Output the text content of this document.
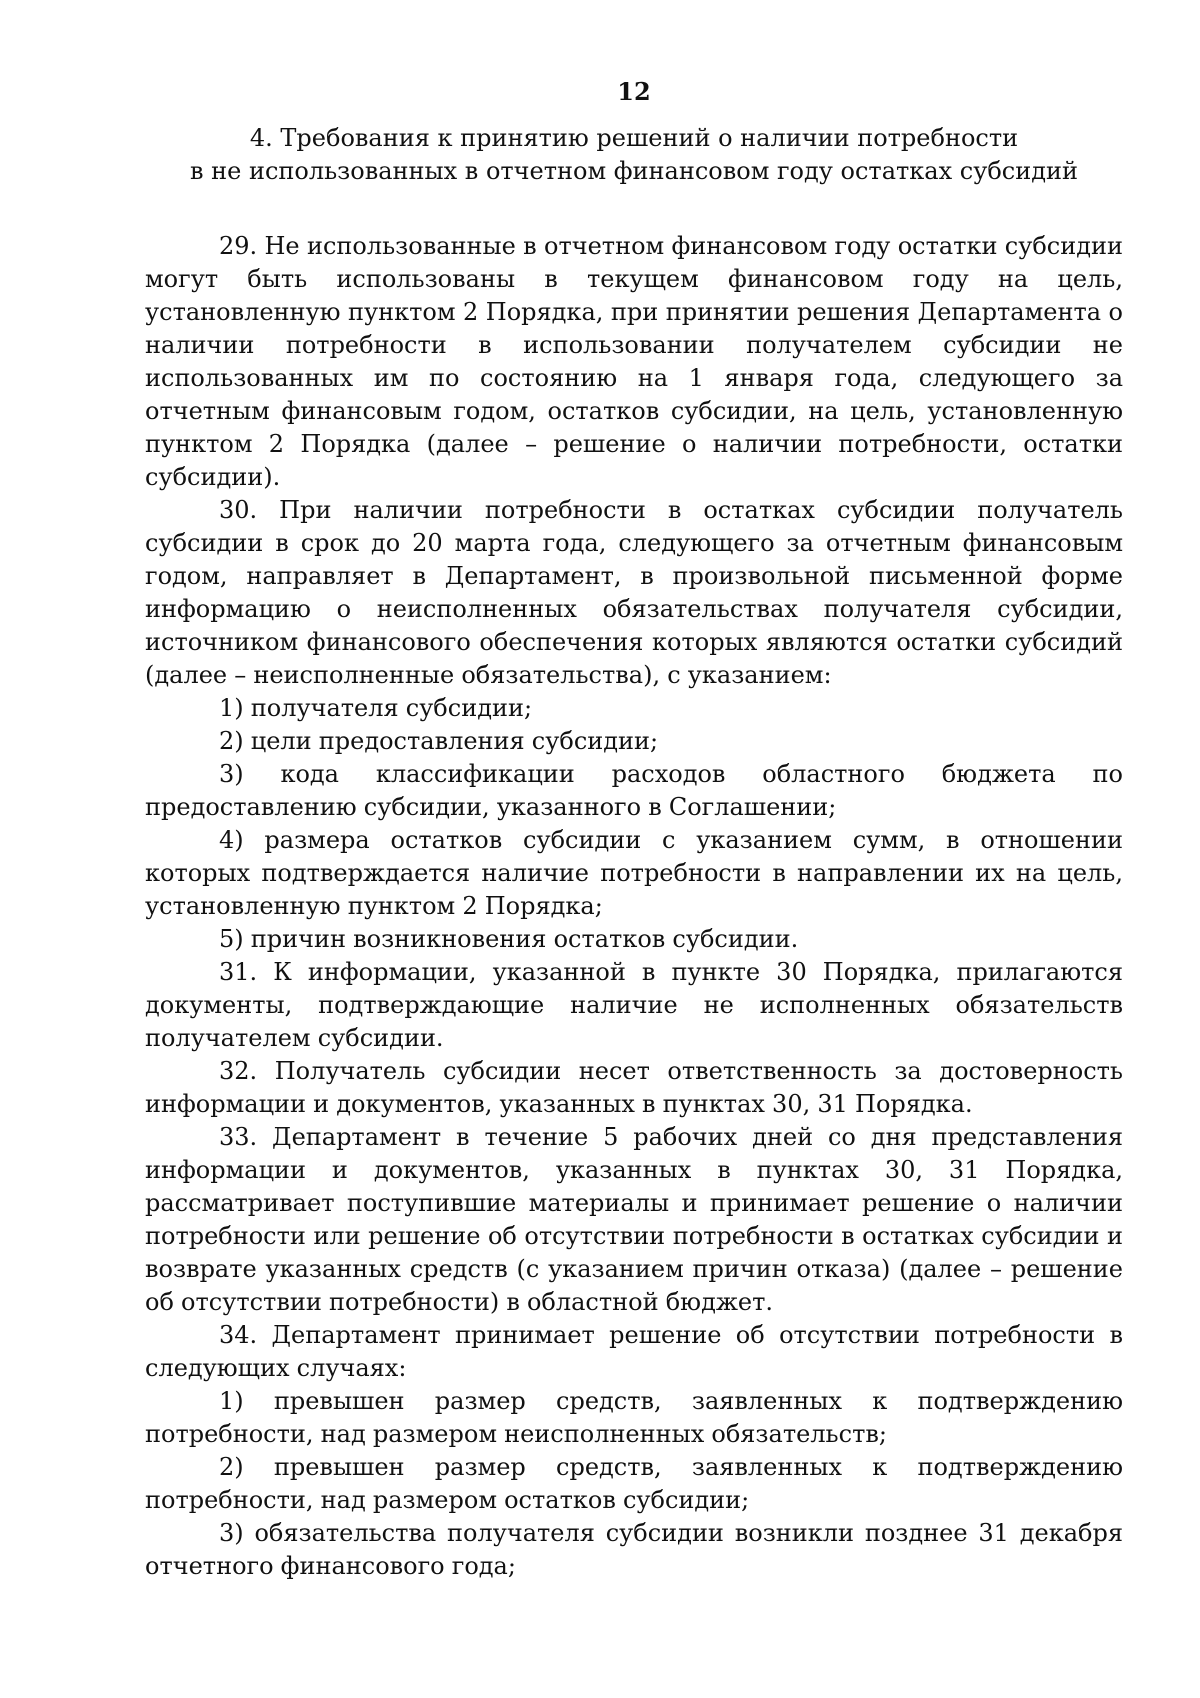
12
4. Требования к принятию решений о наличии потребности
в не использованных в отчетном финансовом году остатках субсидий

29. Не использованные в отчетном финансовом году остатки субсидии могут быть использованы в текущем финансовом году на цель, установленную пунктом 2 Порядка, при принятии решения Департамента о наличии потребности в использовании получателем субсидии не использованных им по состоянию на 1 января года, следующего за отчетным финансовым годом, остатков субсидии, на цель, установленную пунктом 2 Порядка (далее – решение о наличии потребности, остатки субсидии).

30. При наличии потребности в остатках субсидии получатель субсидии в срок до 20 марта года, следующего за отчетным финансовым годом, направляет в Департамент, в произвольной письменной форме информацию о неисполненных обязательствах получателя субсидии, источником финансового обеспечения которых являются остатки субсидий (далее – неисполненные обязательства), с указанием:

1) получателя субсидии;

2) цели предоставления субсидии;

3) кода классификации расходов областного бюджета по предоставлению субсидии, указанного в Соглашении;

4) размера остатков субсидии с указанием сумм, в отношении которых подтверждается наличие потребности в направлении их на цель, установленную пунктом 2 Порядка;

5) причин возникновения остатков субсидии.

31. К информации, указанной в пункте 30 Порядка, прилагаются документы, подтверждающие наличие не исполненных обязательств получателем субсидии.

32. Получатель субсидии несет ответственность за достоверность информации и документов, указанных в пунктах 30, 31 Порядка.

33. Департамент в течение 5 рабочих дней со дня представления информации и документов, указанных в пунктах 30, 31 Порядка, рассматривает поступившие материалы и принимает решение о наличии потребности или решение об отсутствии потребности в остатках субсидии и возврате указанных средств (с указанием причин отказа) (далее – решение об отсутствии потребности) в областной бюджет.

34. Департамент принимает решение об отсутствии потребности в следующих случаях:

1) превышен размер средств, заявленных к подтверждению потребности, над размером неисполненных обязательств;

2) превышен размер средств, заявленных к подтверждению потребности, над размером остатков субсидии;

3) обязательства получателя субсидии возникли позднее 31 декабря отчетного финансового года;
